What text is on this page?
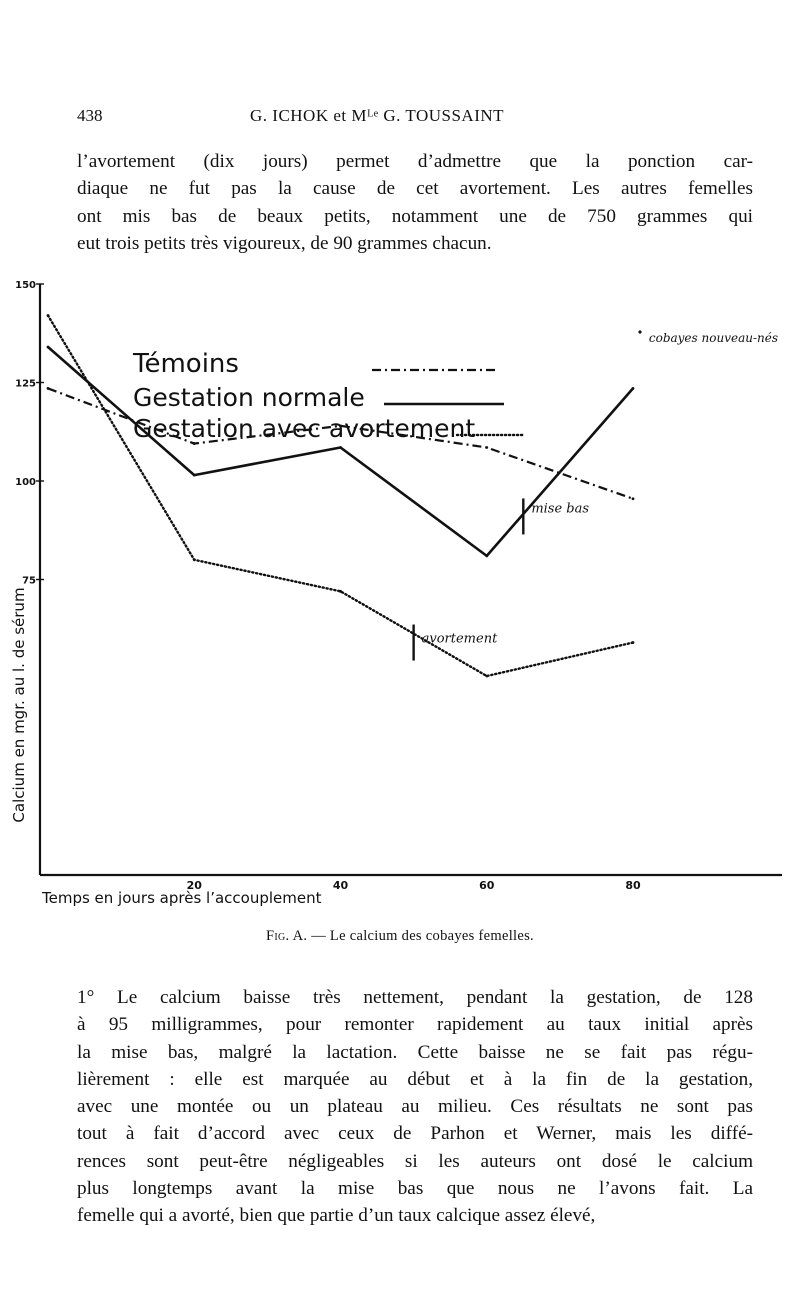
438	G. ICHOK et Mᴸᵉ G. TOUSSAINT

l’avortement (dix jours) permet d’admettre que la ponction car-
diaque ne fut pas la cause de cet avortement. Les autres femelles
ont mis bas de beaux petits, notamment une de 750 grammes qui
eut trois petits très vigoureux, de 90 grammes chacun.

150
125
100
75
20	40	60	80
Temps en jours après l’accouplement
Calcium en mgr. au l. de sérum
cobayes nouveau-nés
mise bas
avortement
Témoins
Gestation normale
Gestation avec avortement
Fig. A. — Le calcium des cobayes femelles.

1° Le calcium baisse très nettement, pendant la gestation, de 128
à 95 milligrammes, pour remonter rapidement au taux initial après
la mise bas, malgré la lactation. Cette baisse ne se fait pas régu-
lièrement : elle est marquée au début et à la fin de la gestation,
avec une montée ou un plateau au milieu. Ces résultats ne sont pas
tout à fait d’accord avec ceux de Parhon et Werner, mais les diffé-
rences sont peut-être négligeables si les auteurs ont dosé le calcium
plus longtemps avant la mise bas que nous ne l’avons fait. La
femelle qui a avorté, bien que partie d’un taux calcique assez élevé,
